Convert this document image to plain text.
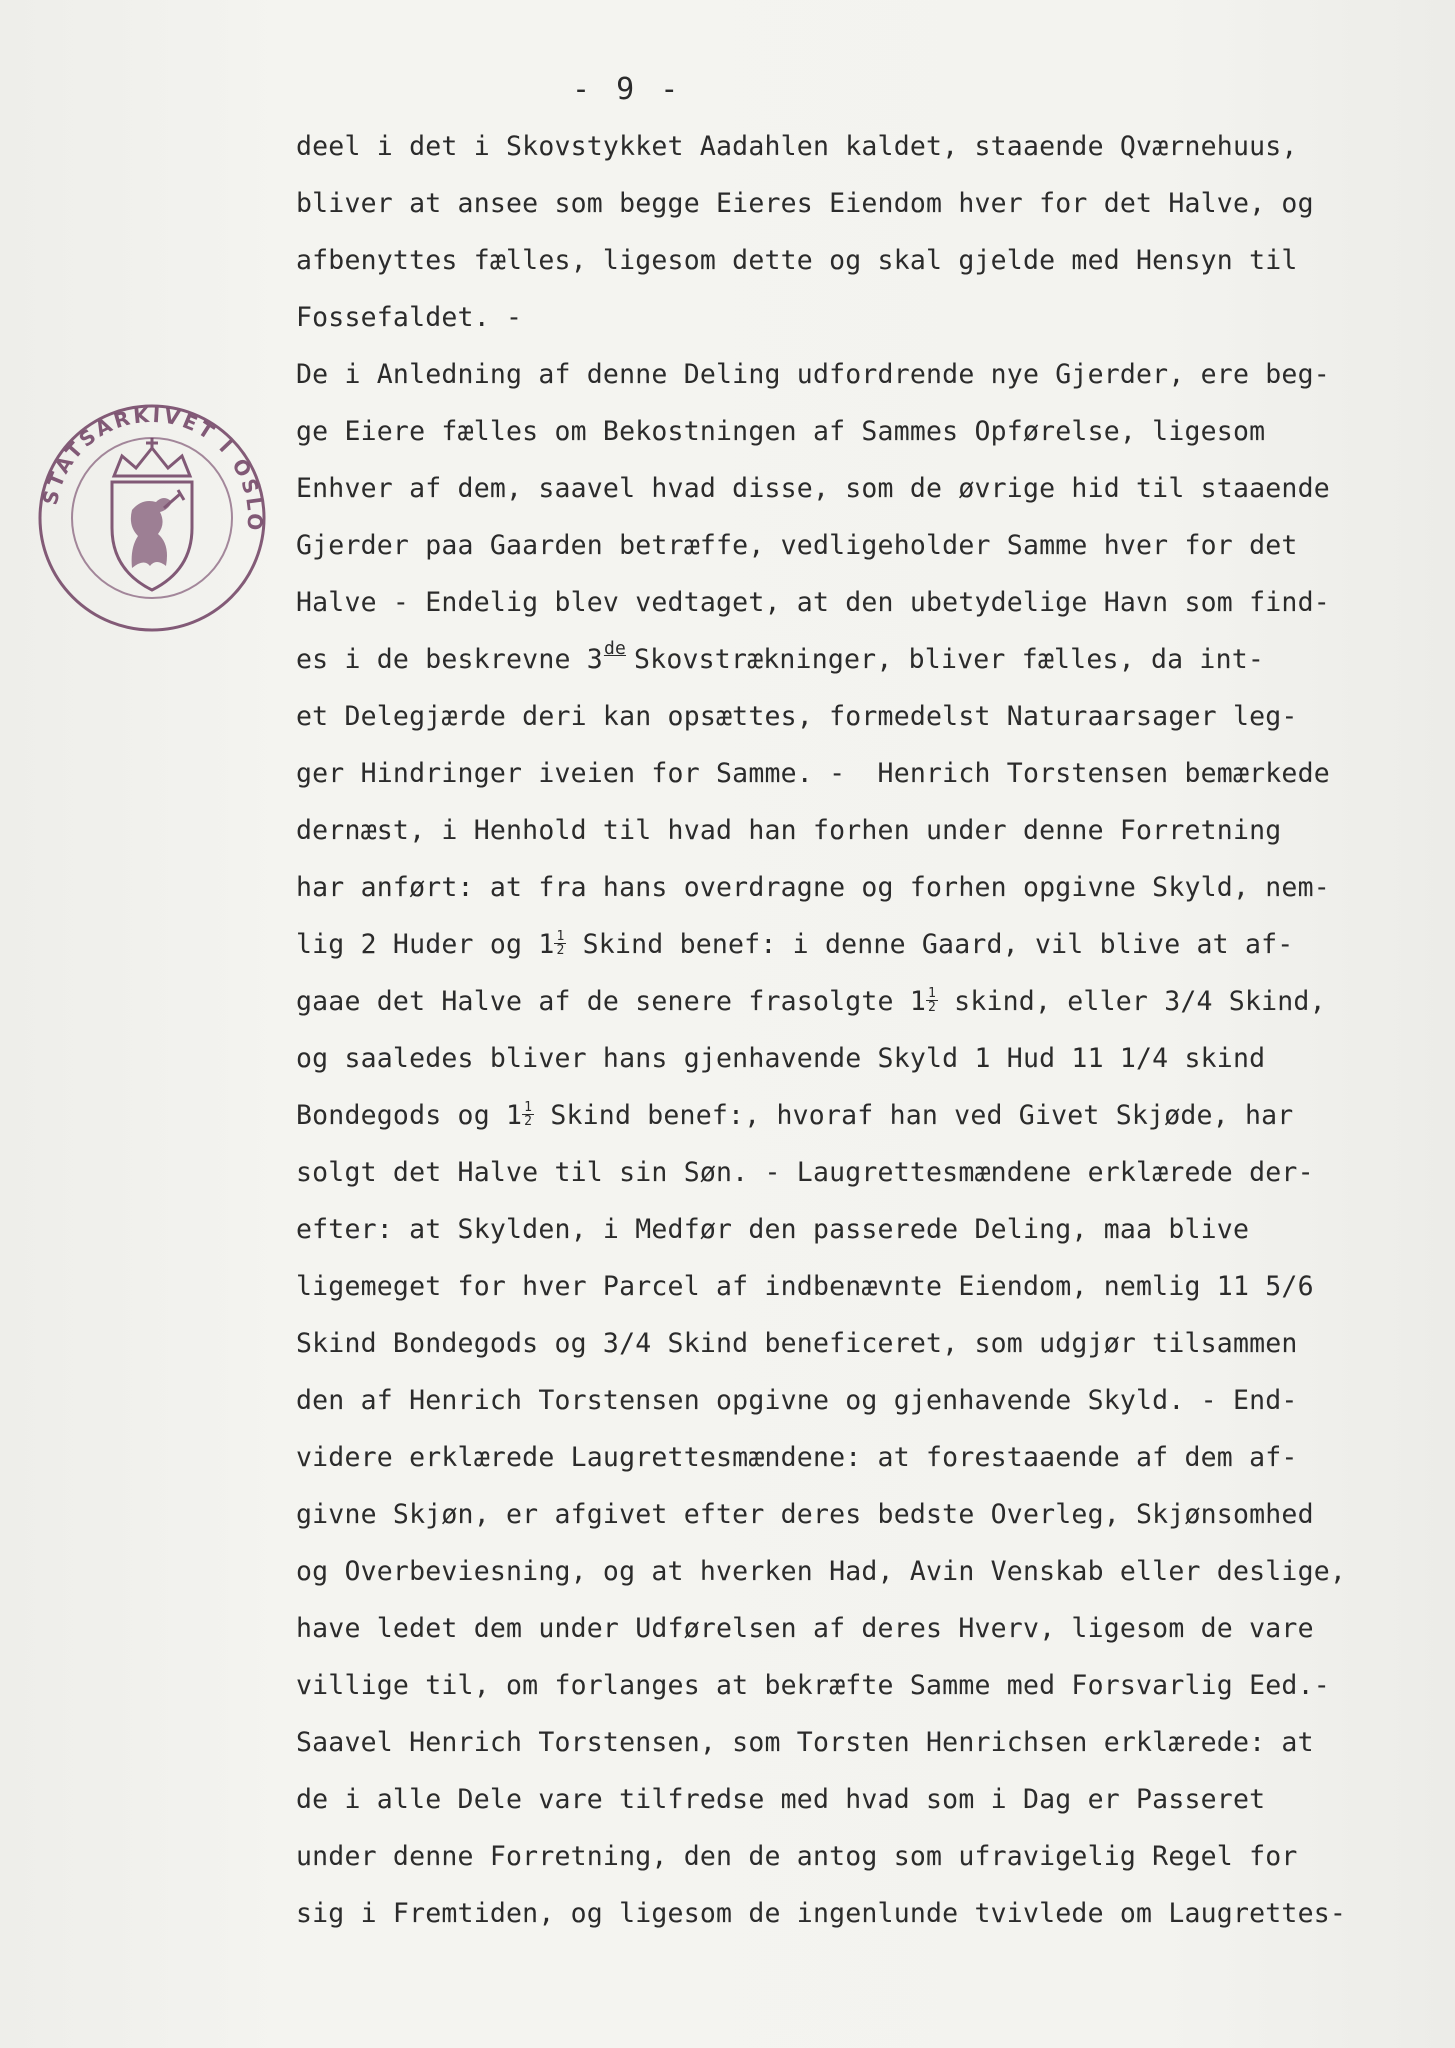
- 9 -
STATSARKIVET I OSLO
deel i det i Skovstykket Aadahlen kaldet, staaende Qværnehuus,
bliver at ansee som begge Eieres Eiendom hver for det Halve, og
afbenyttes fælles, ligesom dette og skal gjelde med Hensyn til
Fossefaldet. -
De i Anledning af denne Deling udfordrende nye Gjerder, ere beg-
ge Eiere fælles om Bekostningen af Sammes Opførelse, ligesom
Enhver af dem, saavel hvad disse, som de øvrige hid til staaende
Gjerder paa Gaarden betræffe, vedligeholder Samme hver for det
Halve - Endelig blev vedtaget, at den ubetydelige Havn som find-
es i de beskrevne 3de Skovstrækninger, bliver fælles, da int-
et Delegjærde deri kan opsættes, formedelst Naturaarsager leg-
ger Hindringer iveien for Samme. -  Henrich Torstensen bemærkede
dernæst, i Henhold til hvad han forhen under denne Forretning
har anført: at fra hans overdragne og forhen opgivne Skyld, nem-
lig 2 Huder og $1 \frac{1}{2}$ Skind benef: i denne Gaard, vil blive at af-
gaae det Halve af de senere frasolgte $1 \frac{1}{2}$ skind, eller 3/4 Skind,
og saaledes bliver hans gjenhavende Skyld 1 Hud 11 1/4 skind
Bondegods og $1 \frac{1}{2}$ Skind benef:, hvoraf han ved Givet Skjøde, har
solgt det Halve til sin Søn. - Laugrettesmændene erklærede der-
efter: at Skylden, i Medfør den passerede Deling, maa blive
ligemeget for hver Parcel af indbenævnte Eiendom, nemlig 11 5/6
Skind Bondegods og 3/4 Skind beneficeret, som udgjør tilsammen
den af Henrich Torstensen opgivne og gjenhavende Skyld. - End-
videre erklærede Laugrettesmændene: at forestaaende af dem af-
givne Skjøn, er afgivet efter deres bedste Overleg, Skjønsomhed
og Overbeviesning, og at hverken Had, Avin Venskab eller deslige,
have ledet dem under Udførelsen af deres Hverv, ligesom de vare
villige til, om forlanges at bekræfte Samme med Forsvarlig Eed.-
Saavel Henrich Torstensen, som Torsten Henrichsen erklærede: at
de i alle Dele vare tilfredse med hvad som i Dag er Passeret
under denne Forretning, den de antog som ufravigelig Regel for
sig i Fremtiden, og ligesom de ingenlunde tvivlede om Laugrettes-
